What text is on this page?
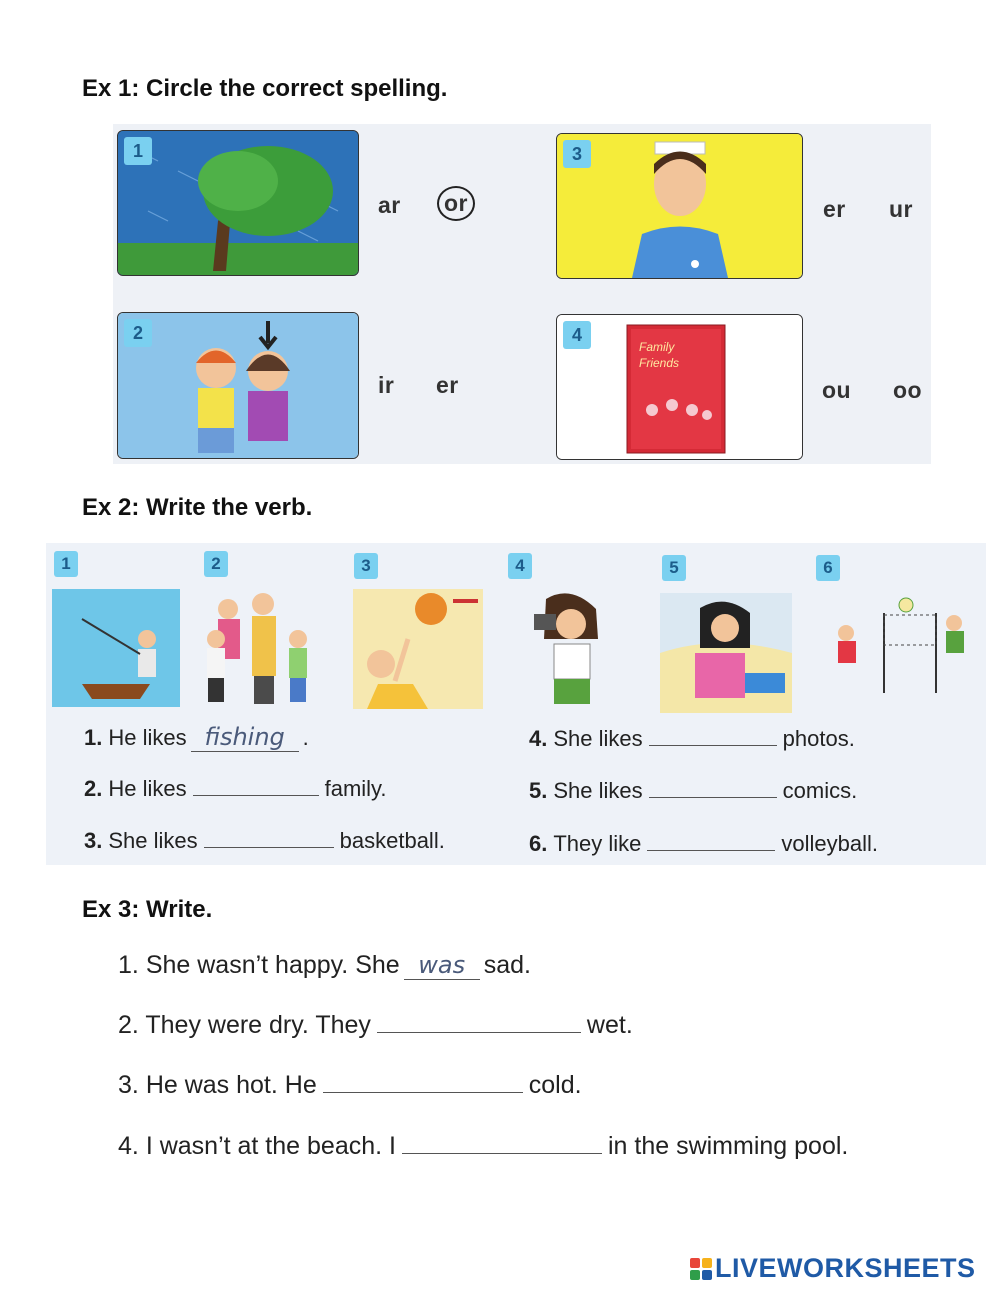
Ex 1: Circle the correct spelling.
1
ar	or
2
ir er
3
er ur
Family
Friends
4
ou oo
Ex 2: Write the verb.
1	2	3	4	5	6
1. He likes fishing .
2. He likes	family.
3. She likes	basketball.
4. She likes	photos.
5. She likes	comics.
6. They like	volleyball.
Ex 3: Write.
1. She wasn’t happy. She was sad.
2. They were dry. They	wet.
3. He was hot. He	cold.
4. I wasn’t at the beach. I	in the swimming pool.
LIVEWORKSHEETS
